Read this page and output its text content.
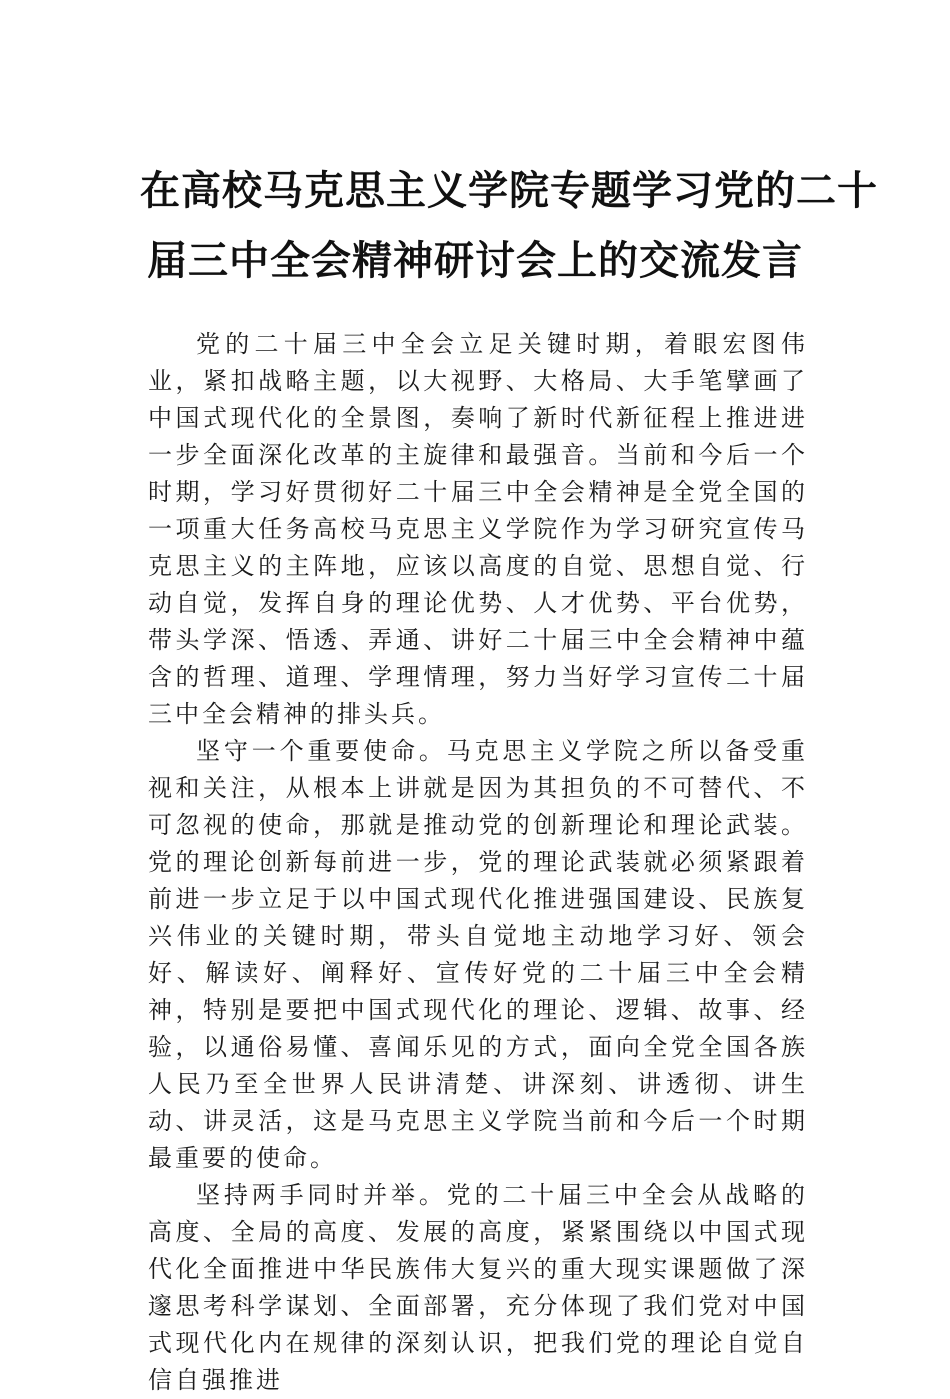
在高校马克思主义学院专题学习党的二十
届三中全会精神研讨会上的交流发言

党的二十届三中全会立足关键时期，着眼宏图伟业，紧扣战略主题，以大视野、大格局、大手笔擘画了中国式现代化的全景图，奏响了新时代新征程上推进进一步全面深化改革的主旋律和最强音。当前和今后一个时期，学习好贯彻好二十届三中全会精神是全党全国的一项重大任务高校马克思主义学院作为学习研究宣传马克思主义的主阵地，应该以高度的自觉、思想自觉、行动自觉，发挥自身的理论优势、人才优势、平台优势，带头学深、悟透、弄通、讲好二十届三中全会精神中蕴含的哲理、道理、学理情理，努力当好学习宣传二十届三中全会精神的排头兵。

坚守一个重要使命。马克思主义学院之所以备受重视和关注，从根本上讲就是因为其担负的不可替代、不可忽视的使命，那就是推动党的创新理论和理论武装。党的理论创新每前进一步，党的理论武装就必须紧跟着前进一步立足于以中国式现代化推进强国建设、民族复兴伟业的关键时期，带头自觉地主动地学习好、领会好、解读好、阐释好、宣传好党的二十届三中全会精神，特别是要把中国式现代化的理论、逻辑、故事、经验，以通俗易懂、喜闻乐见的方式，面向全党全国各族人民乃至全世界人民讲清楚、讲深刻、讲透彻、讲生动、讲灵活，这是马克思主义学院当前和今后一个时期最重要的使命。

坚持两手同时并举。党的二十届三中全会从战略的高度、全局的高度、发展的高度，紧紧围绕以中国式现代化全面推进中华民族伟大复兴的重大现实课题做了深邃思考科学谋划、全面部署，充分体现了我们党对中国式现代化内在规律的深刻认识，把我们党的理论自觉自信自强推进
